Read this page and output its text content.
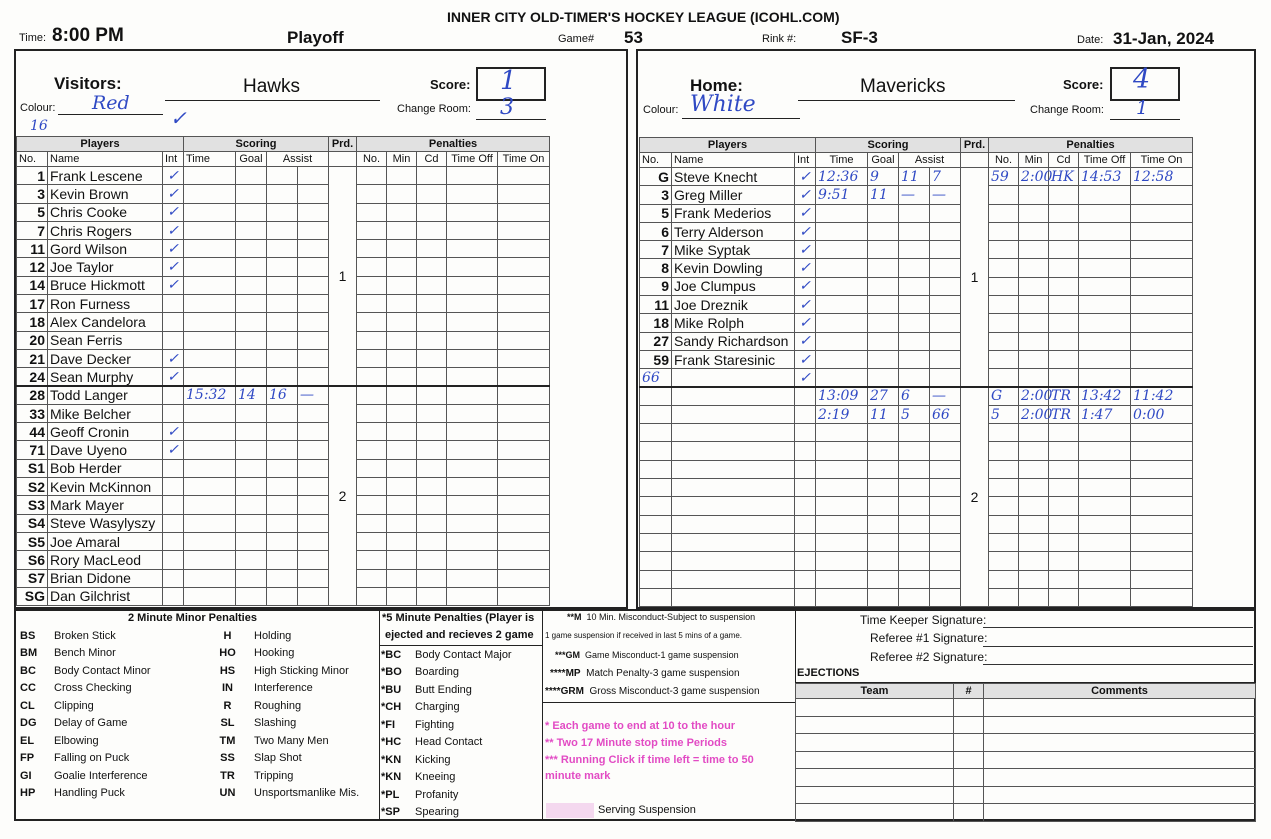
INNER CITY OLD-TIMER'S HOCKEY LEAGUE (ICOHL.COM)
Time: 8:00 PM	Playoff	Game# 53	Rink #:	SF-3	Date: 31-Jan, 2024
Visitors:
Colour: Red
16	✓
Hawks	Score: 1
Change Room: 3
Home:
Colour: White
Mavericks	Score: 4
Change Room: 1
Players			Scoring				Prd.	Penalties				
No.	Name	Int	Time	Goal	Assist			No.	Min	Cd	Time Off	Time On
1	Frank Lescene	✓					1					
3	Kevin Brown	✓										
5	Chris Cooke	✓										
7	Chris Rogers	✓										
11	Gord Wilson	✓										
12	Joe Taylor	✓										
14	Bruce Hickmott	✓										
17	Ron Furness											
18	Alex Candelora											
20	Sean Ferris											
21	Dave Decker	✓										
24	Sean Murphy	✓										
28	Todd Langer		15:32	14	16	—	2					
33	Mike Belcher											
44	Geoff Cronin	✓										
71	Dave Uyeno	✓										
S1	Bob Herder											
S2	Kevin McKinnon											
S3	Mark Mayer											
S4	Steve Wasylyszy											
S5	Joe Amaral											
S6	Rory MacLeod											
S7	Brian Didone											
SG	Dan Gilchrist											
Players			Scoring				Prd.	Penalties				
No.	Name	Int	Time	Goal	Assist			No.	Min	Cd	Time Off	Time On
G	Steve Knecht	✓	12:36	9	11	7	1	59	2:00	HK	14:53	12:58
3	Greg Miller	✓	9:51	11	—	—						
5	Frank Mederios	✓										
6	Terry Alderson	✓										
7	Mike Syptak	✓										
8	Kevin Dowling	✓										
9	Joe Clumpus	✓										
11	Joe Dreznik	✓										
18	Mike Rolph	✓										
27	Sandy Richardson	✓										
59	Frank Staresinic	✓										
66		✓										
			13:09	27	6	—	2	G	2:00	TR	13:42	11:42
			2:19	11	5	66		5	2:00	TR	1:47	0:00

2 Minute Minor Penalties
BS	Broken Stick	H	Holding
BM	Bench Minor	HO	Hooking
BC	Body Contact Minor	HS	High Sticking Minor
CC	Cross Checking	IN	Interference
CL	Clipping	R	Roughing
DG	Delay of Game	SL	Slashing
EL	Elbowing	TM	Two Many Men
FP	Falling on Puck	SS	Slap Shot
GI	Goalie Interference	TR	Tripping
HP	Handling Puck	UN	Unsportsmanlike Mis.
*5 Minute Penalties (Player is
ejected and recieves 2 game
*BC	Body Contact Major
*BO	Boarding
*BU	Butt Ending
*CH	Charging
*FI	Fighting
*HC	Head Contact
*KN	Kicking
*KN	Kneeing
*PL	Profanity
*SP	Spearing
**M 10 Min. Misconduct-Subject to suspension
1 game suspension if received in last 5 mins of a game.
***GM Game Misconduct-1 game suspension
****MP Match Penalty-3 game suspension
****GRM Gross Misconduct-3 game suspension
* Each game to end at 10 to the hour
** Two 17 Minute stop time Periods
*** Running Click if time left = time to 50
minute mark
Serving Suspension
Time Keeper Signature:
Referee #1 Signature:
Referee #2 Signature:
EJECTIONS
Team	#	Comments
